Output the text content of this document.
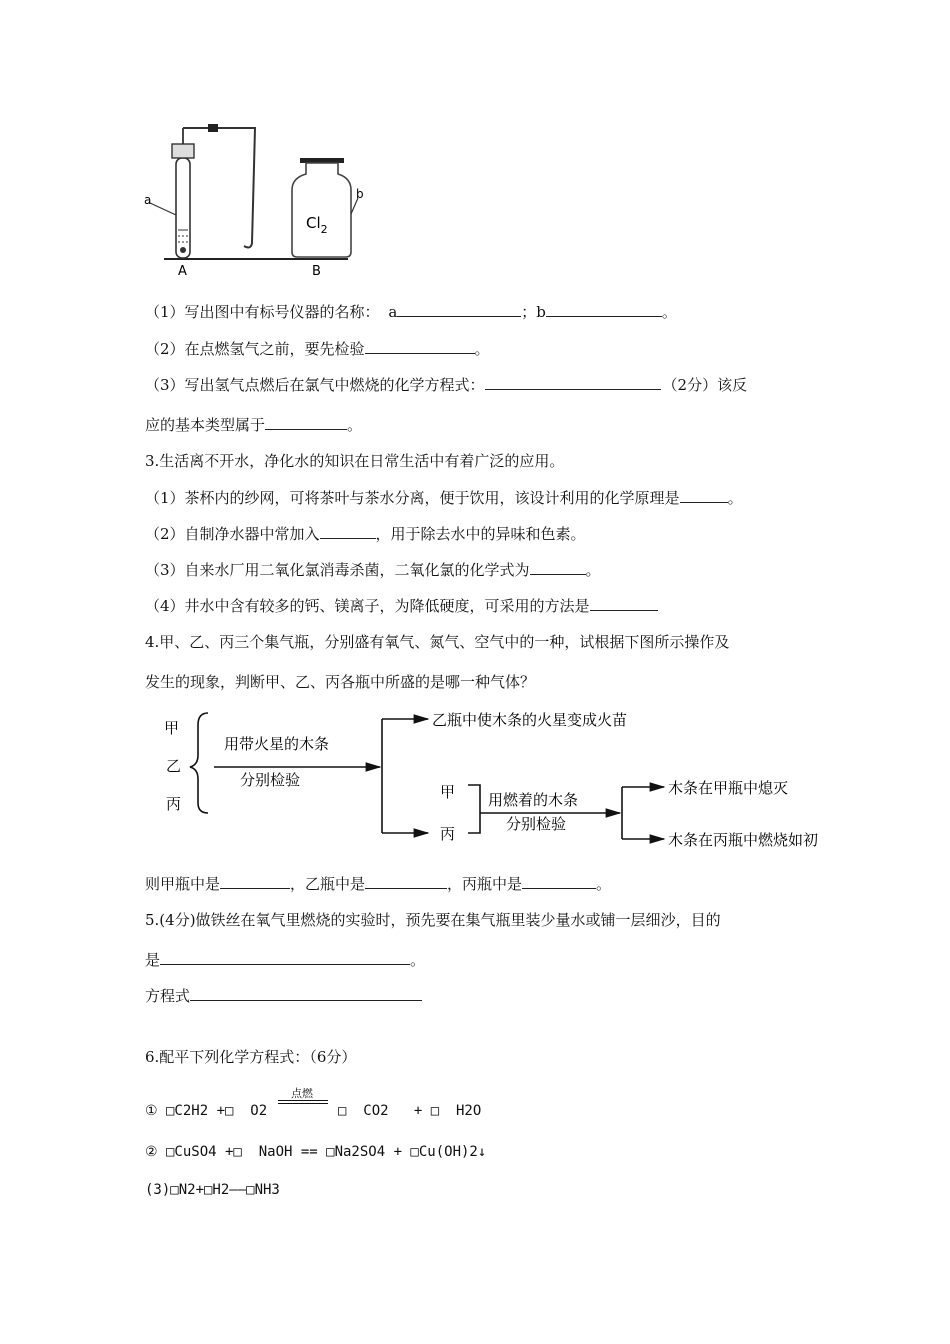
a	b
$Cl_2$
A	B
（1）写出图中有标号仪器的名称： a	；b	。
（2）在点燃氢气之前，要先检验	。
（3）写出氢气点燃后在氯气中燃烧的化学方程式：	（2分）该反
应的基本类型属于	。
3.生活离不开水，净化水的知识在日常生活中有着广泛的应用。
（1）茶杯内的纱网，可将茶叶与茶水分离，便于饮用，该设计利用的化学原理是	。
（2）自制净水器中常加入	，用于除去水中的异味和色素。
（3）自来水厂用二氧化氯消毒杀菌，二氧化氯的化学式为	。
（4）井水中含有较多的钙、镁离子，为降低硬度，可采用的方法是
4.甲、乙、丙三个集气瓶，分别盛有氧气、氮气、空气中的一种，试根据下图所示操作及
发生的现象，判断甲、乙、丙各瓶中所盛的是哪一种气体？
甲
乙
丙
用带火星的木条
分别检验
乙瓶中使木条的火星变成火苗
甲
丙
用燃着的木条
分别检验
木条在甲瓶中熄灭
木条在丙瓶中燃烧如初
则甲瓶中是	，乙瓶中是	，丙瓶中是	。
5.(4分)做铁丝在氧气里燃烧的实验时，预先要在集气瓶里装少量水或铺一层细沙，目的
是	。
方程式
6.配平下列化学方程式：（6分）
① □C2H2 +□  O2
点燃
□  CO2   + □  H2O
② □CuSO4 +□  NaOH == □Na2SO4 + □Cu(OH)2↓
(3)□N2+□H2——□NH3
